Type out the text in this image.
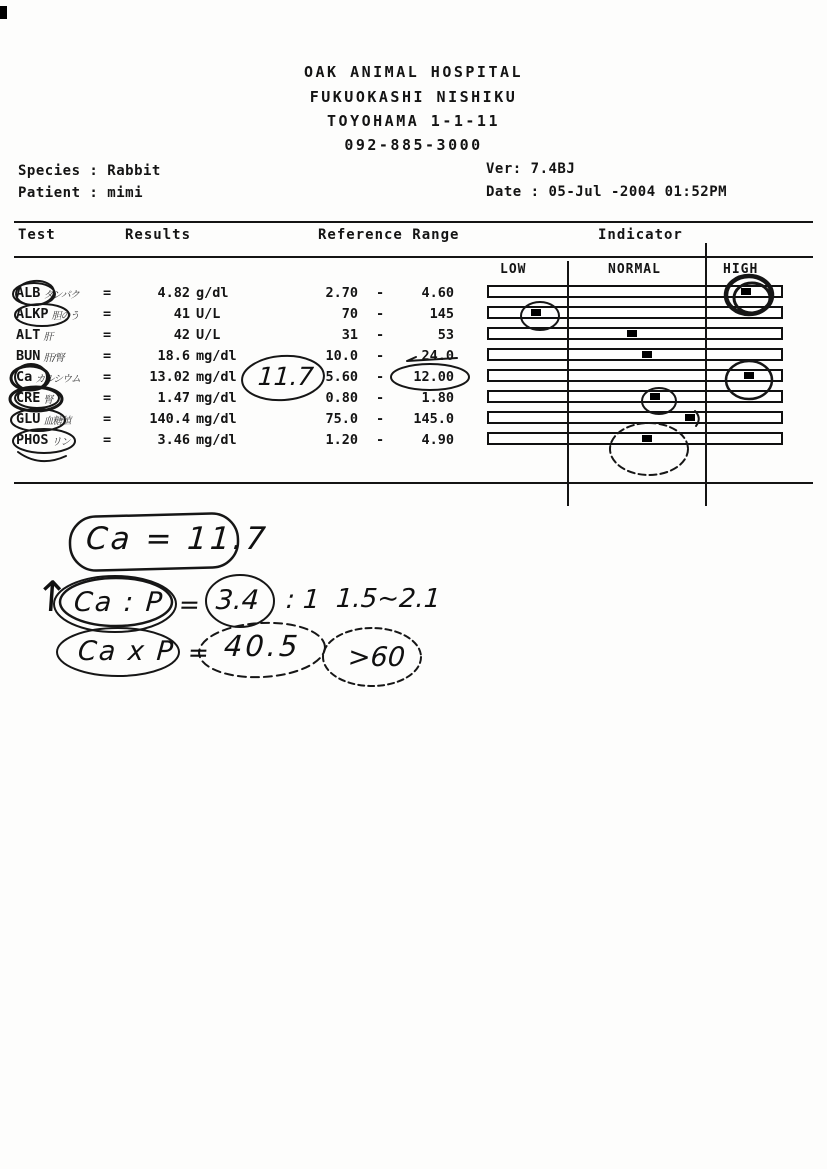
OAK ANIMAL HOSPITAL
FUKUOKASHI NISHIKU
TOYOHAMA 1-1-11
092-885-3000
Species : Rabbit
Patient : mimi
Ver: 7.4BJ
Date : 05-Jul -2004 01:52PM
Test	Results	Reference Range	Indicator
LOW	NORMAL	HIGH
ALB タンパク =	4.82 g/dl	2.70 -	4.60
ALKP 胆のう =	41 U/L	70 -	145
ALT 肝	=	42 U/L	31 -	53
BUN 肝/腎	=	18.6 mg/dl	10.0 -	24.0
Ca カルシウム =	13.02 mg/dl	5.60 -	12.00
CRE 腎	=	1.47 mg/dl	0.80 -	1.80
GLU 血糖値 =	140.4 mg/dl	75.0 -	145.0
PHOS リン =	3.46 mg/dl	1.20 -	4.90
11.7
Ca = 11.7
↑ Ca : P = 3.4 : 1 1.5~2.1
Ca x P = 40.5 >60
